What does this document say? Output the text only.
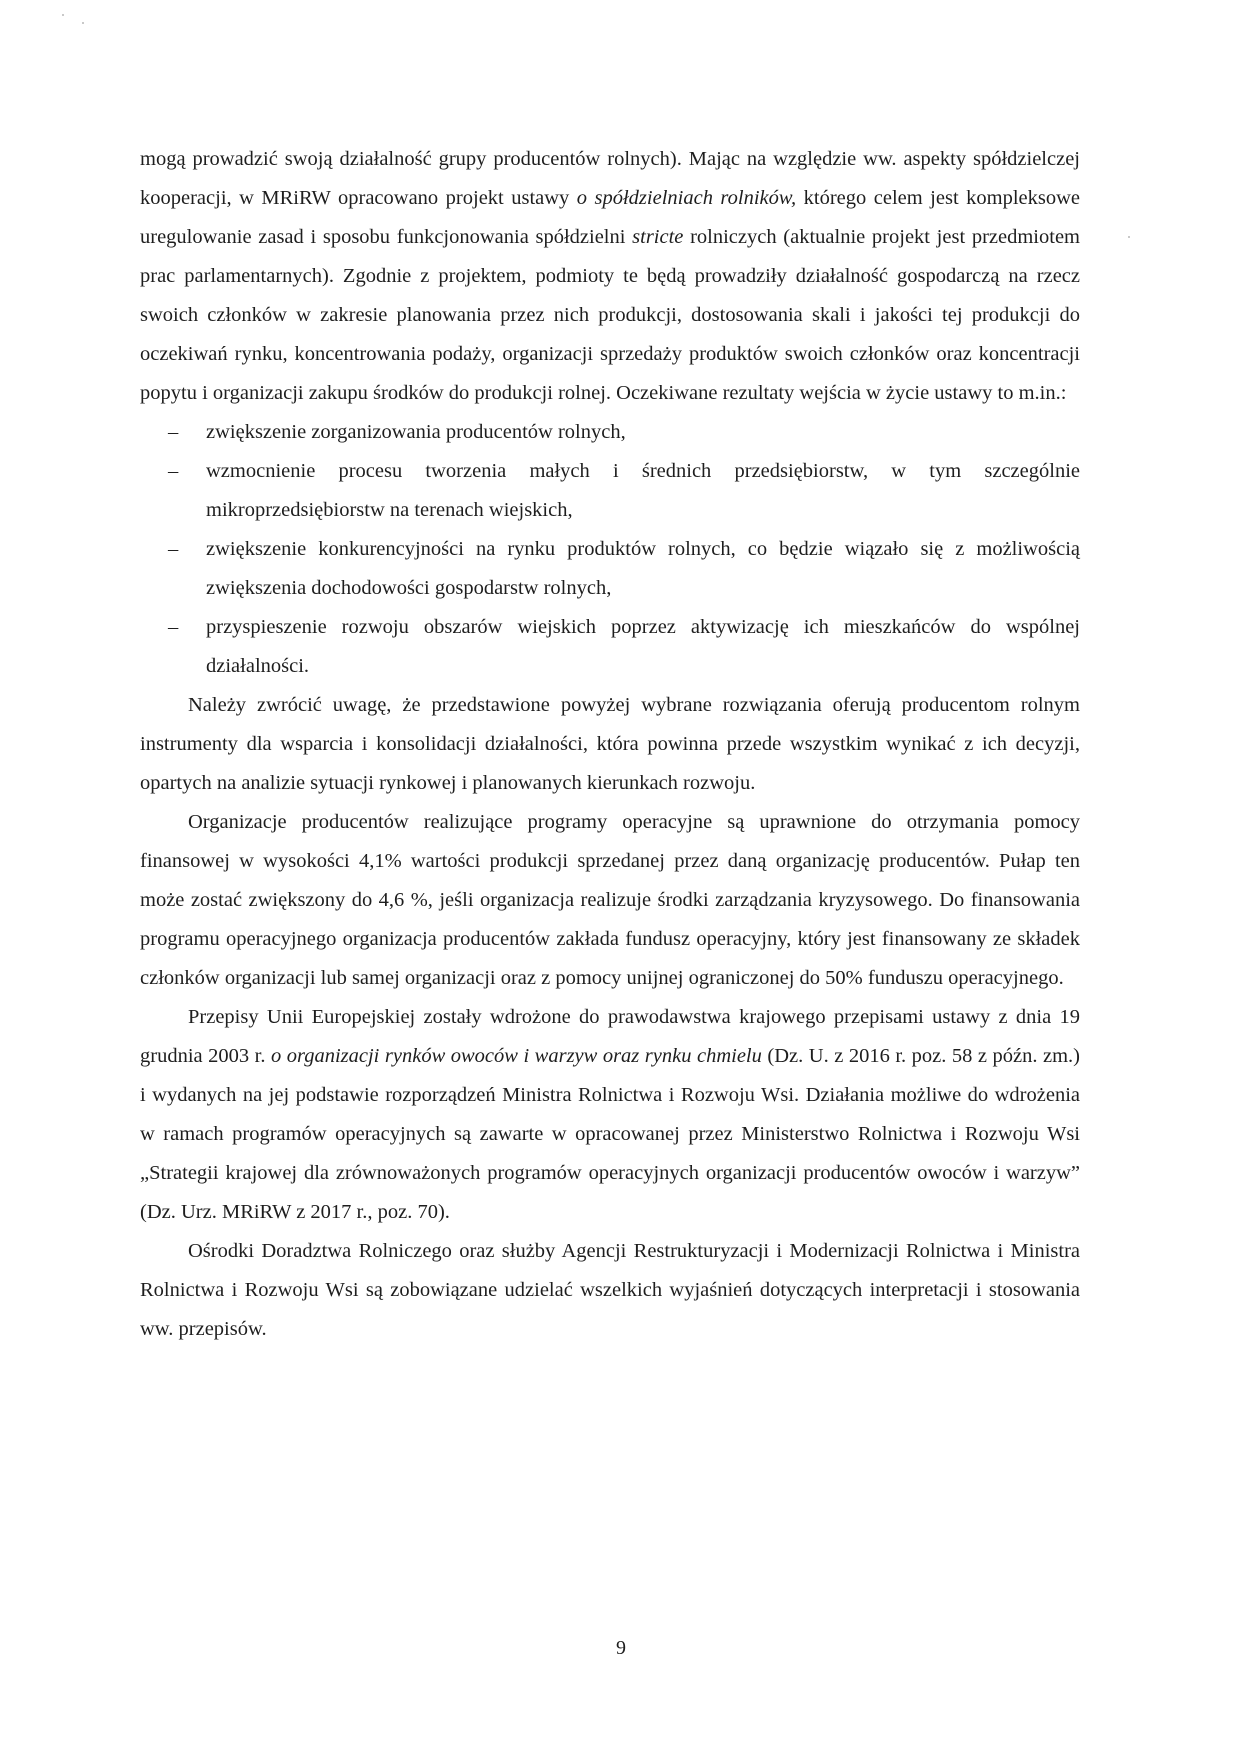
mogą prowadzić swoją działalność grupy producentów rolnych). Mając na względzie ww. aspekty spółdzielczej kooperacji, w MRiRW opracowano projekt ustawy o spółdzielniach rolników, którego celem jest kompleksowe uregulowanie zasad i sposobu funkcjonowania spółdzielni stricte rolniczych (aktualnie projekt jest przedmiotem prac parlamentarnych). Zgodnie z projektem, podmioty te będą prowadziły działalność gospodarczą na rzecz swoich członków w zakresie planowania przez nich produkcji, dostosowania skali i jakości tej produkcji do oczekiwań rynku, koncentrowania podaży, organizacji sprzedaży produktów swoich członków oraz koncentracji popytu i organizacji zakupu środków do produkcji rolnej. Oczekiwane rezultaty wejścia w życie ustawy to m.in.:

– zwiększenie zorganizowania producentów rolnych,
– wzmocnienie procesu tworzenia małych i średnich przedsiębiorstw, w tym szczególnie mikroprzedsiębiorstw na terenach wiejskich,
– zwiększenie konkurencyjności na rynku produktów rolnych, co będzie wiązało się z możliwością zwiększenia dochodowości gospodarstw rolnych,
– przyspieszenie rozwoju obszarów wiejskich poprzez aktywizację ich mieszkańców do wspólnej działalności.

Należy zwrócić uwagę, że przedstawione powyżej wybrane rozwiązania oferują producentom rolnym instrumenty dla wsparcia i konsolidacji działalności, która powinna przede wszystkim wynikać z ich decyzji, opartych na analizie sytuacji rynkowej i planowanych kierunkach rozwoju.

Organizacje producentów realizujące programy operacyjne są uprawnione do otrzymania pomocy finansowej w wysokości 4,1% wartości produkcji sprzedanej przez daną organizację producentów. Pułap ten może zostać zwiększony do 4,6 %, jeśli organizacja realizuje środki zarządzania kryzysowego. Do finansowania programu operacyjnego organizacja producentów zakłada fundusz operacyjny, który jest finansowany ze składek członków organizacji lub samej organizacji oraz z pomocy unijnej ograniczonej do 50% funduszu operacyjnego.

Przepisy Unii Europejskiej zostały wdrożone do prawodawstwa krajowego przepisami ustawy z dnia 19 grudnia 2003 r. o organizacji rynków owoców i warzyw oraz rynku chmielu (Dz. U. z 2016 r. poz. 58 z późn. zm.) i wydanych na jej podstawie rozporządzeń Ministra Rolnictwa i Rozwoju Wsi. Działania możliwe do wdrożenia w ramach programów operacyjnych są zawarte w opracowanej przez Ministerstwo Rolnictwa i Rozwoju Wsi „Strategii krajowej dla zrównoważonych programów operacyjnych organizacji producentów owoców i warzyw” (Dz. Urz. MRiRW z 2017 r., poz. 70).

Ośrodki Doradztwa Rolniczego oraz służby Agencji Restrukturyzacji i Modernizacji Rolnictwa i Ministra Rolnictwa i Rozwoju Wsi są zobowiązane udzielać wszelkich wyjaśnień dotyczących interpretacji i stosowania ww. przepisów.

9
